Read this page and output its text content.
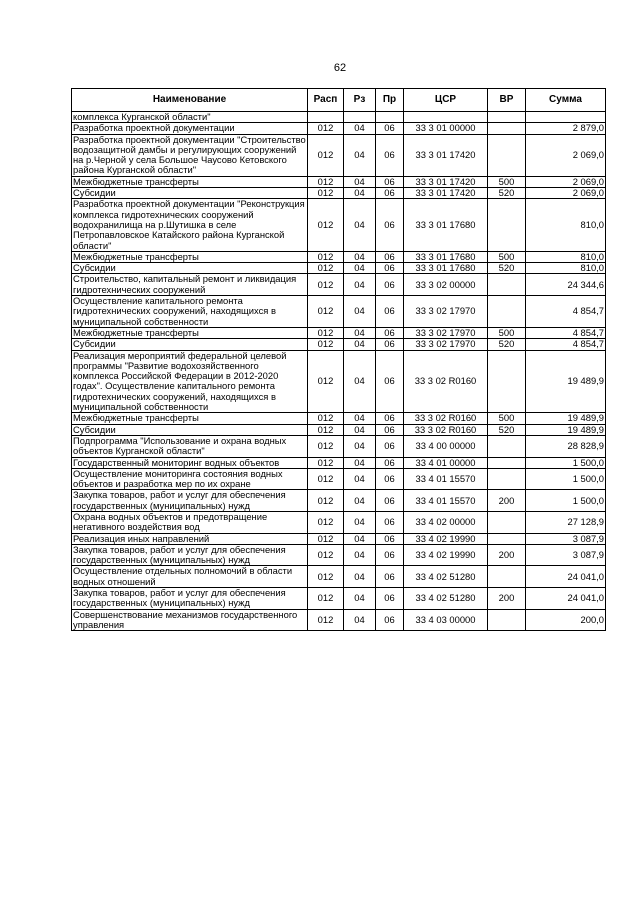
62
Наименование	Расп	Рз	Пр	ЦСР	ВР	Сумма
комплекса Курганской области"						
Разработка проектной документации	012	04	06	33 3 01 00000		2 879,0
Разработка проектной документации "Строительство водозащитной дамбы и регулирующих сооружений на р.Черной у села Большое Чаусово Кетовского района Курганской области"	012	04	06	33 3 01 17420		2 069,0
Межбюджетные трансферты	012	04	06	33 3 01 17420	500	2 069,0
Субсидии	012	04	06	33 3 01 17420	520	2 069,0
Разработка проектной документации "Реконструкция комплекса гидротехнических сооружений водохранилища на р.Шутишка в селе Петропавловское Катайского района Курганской области"	012	04	06	33 3 01 17680		810,0
Межбюджетные трансферты	012	04	06	33 3 01 17680	500	810,0
Субсидии	012	04	06	33 3 01 17680	520	810,0
Строительство, капитальный ремонт и ликвидация гидротехнических сооружений	012	04	06	33 3 02 00000		24 344,6
Осуществление капитального ремонта гидротехнических сооружений, находящихся в муниципальной собственности	012	04	06	33 3 02 17970		4 854,7
Межбюджетные трансферты	012	04	06	33 3 02 17970	500	4 854,7
Субсидии	012	04	06	33 3 02 17970	520	4 854,7
Реализация мероприятий федеральной целевой программы "Развитие водохозяйственного комплекса Российской Федерации в 2012-2020 годах". Осуществление капитального ремонта гидротехнических сооружений, находящихся в муниципальной собственности	012	04	06	33 3 02 R0160		19 489,9
Межбюджетные трансферты	012	04	06	33 3 02 R0160	500	19 489,9
Субсидии	012	04	06	33 3 02 R0160	520	19 489,9
Подпрограмма "Использование и охрана водных объектов Курганской области"	012	04	06	33 4 00 00000		28 828,9
Государственный мониторинг водных объектов	012	04	06	33 4 01 00000		1 500,0
Осуществление мониторинга состояния водных объектов и разработка мер по их охране	012	04	06	33 4 01 15570		1 500,0
Закупка товаров, работ и услуг для обеспечения государственных (муниципальных) нужд	012	04	06	33 4 01 15570	200	1 500,0
Охрана водных объектов и предотвращение негативного воздействия вод	012	04	06	33 4 02 00000		27 128,9
Реализация иных направлений	012	04	06	33 4 02 19990		3 087,9
Закупка товаров, работ и услуг для обеспечения государственных (муниципальных) нужд	012	04	06	33 4 02 19990	200	3 087,9
Осуществление отдельных полномочий в области водных отношений	012	04	06	33 4 02 51280		24 041,0
Закупка товаров, работ и услуг для обеспечения государственных (муниципальных) нужд	012	04	06	33 4 02 51280	200	24 041,0
Совершенствование механизмов государственного управления	012	04	06	33 4 03 00000		200,0
